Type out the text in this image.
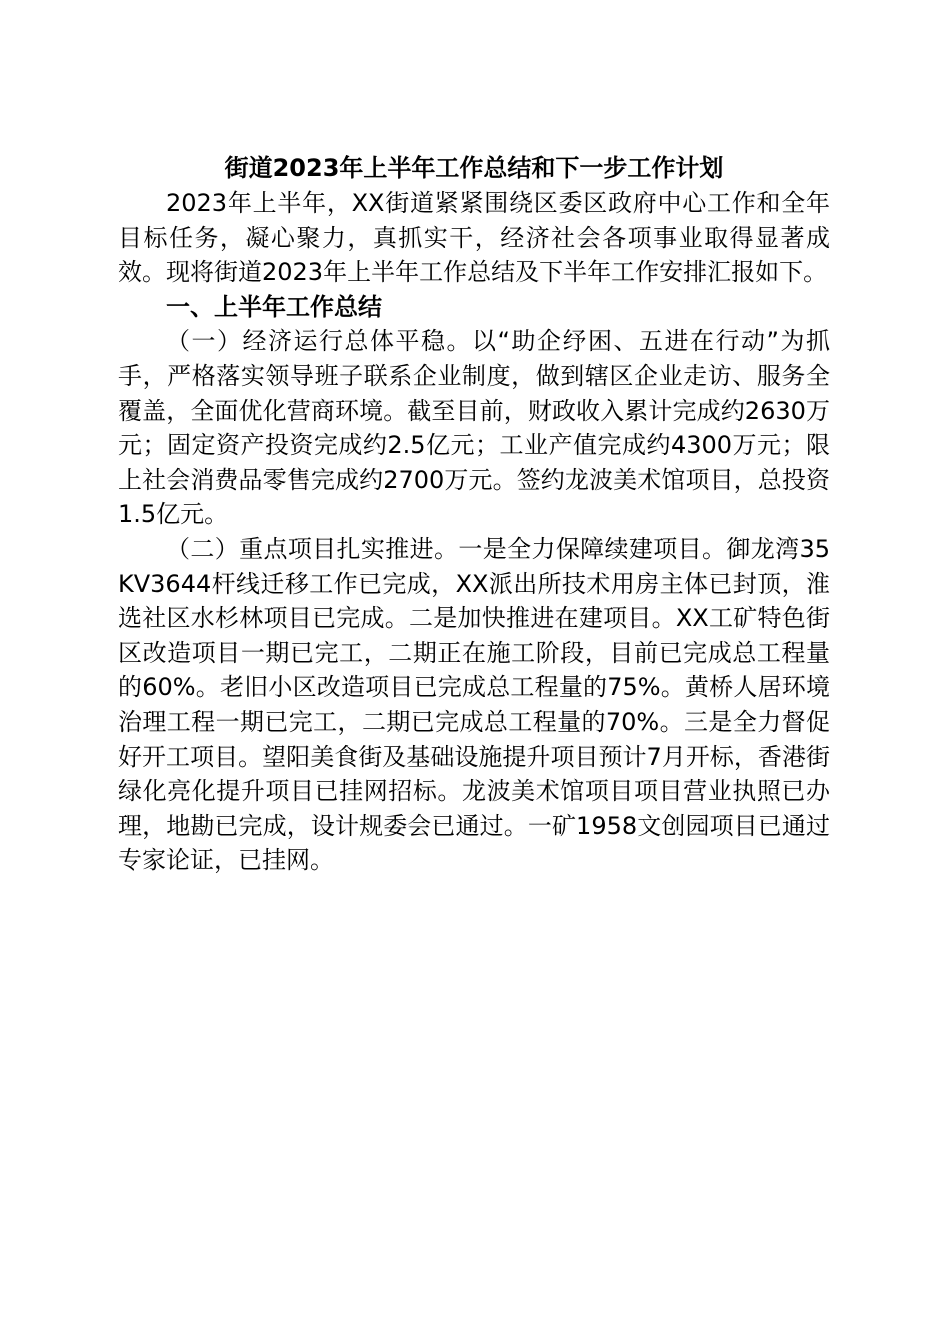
街道2023年上半年工作总结和下一步工作计划

2023年上半年，XX街道紧紧围绕区委区政府中心工作和全年目标任务，凝心聚力，真抓实干，经济社会各项事业取得显著成效。现将街道2023年上半年工作总结及下半年工作安排汇报如下。

一、上半年工作总结

（一）经济运行总体平稳。以“助企纾困、五进在行动”为抓手，严格落实领导班子联系企业制度，做到辖区企业走访、服务全覆盖，全面优化营商环境。截至目前，财政收入累计完成约2630万元；固定资产投资完成约2.5亿元；工业产值完成约4300万元；限上社会消费品零售完成约2700万元。签约龙波美术馆项目，总投资1.5亿元。

（二）重点项目扎实推进。一是全力保障续建项目。御龙湾35KV3644杆线迁移工作已完成，XX派出所技术用房主体已封顶，淮选社区水杉林项目已完成。二是加快推进在建项目。XX工矿特色街区改造项目一期已完工，二期正在施工阶段，目前已完成总工程量的60%。老旧小区改造项目已完成总工程量的75%。黄桥人居环境治理工程一期已完工，二期已完成总工程量的70%。三是全力督促好开工项目。望阳美食街及基础设施提升项目预计7月开标，香港街绿化亮化提升项目已挂网招标。龙波美术馆项目项目营业执照已办理，地勘已完成，设计规委会已通过。一矿1958文创园项目已通过专家论证，已挂网。
